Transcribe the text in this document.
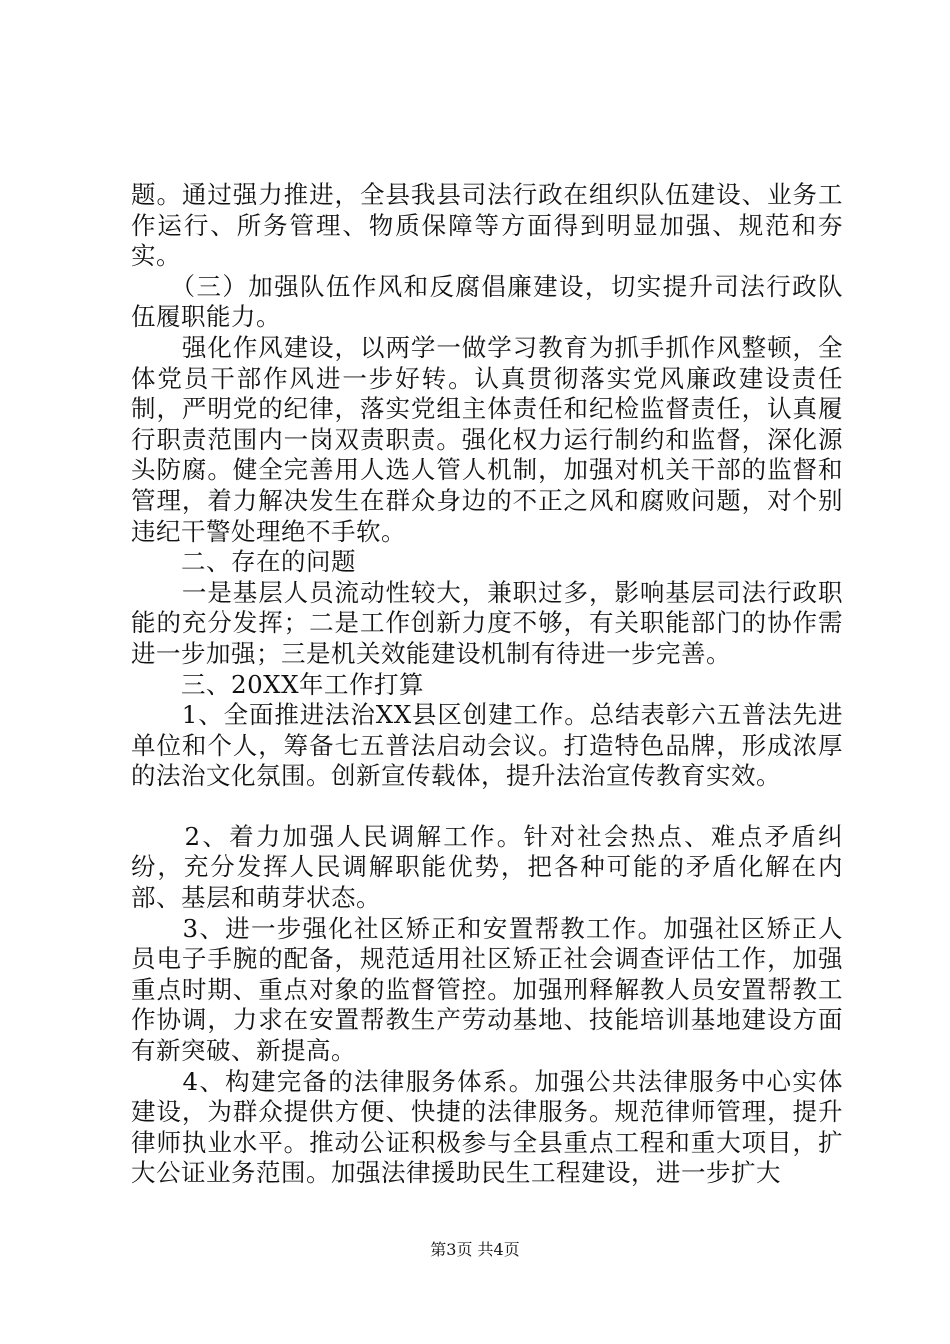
题。通过强力推进，全县我县司法行政在组织队伍建设、业务工作运行、所务管理、物质保障等方面得到明显加强、规范和夯实。

　　（三）加强队伍作风和反腐倡廉建设，切实提升司法行政队伍履职能力。

　　强化作风建设，以两学一做学习教育为抓手抓作风整顿，全体党员干部作风进一步好转。认真贯彻落实党风廉政建设责任制，严明党的纪律，落实党组主体责任和纪检监督责任，认真履行职责范围内一岗双责职责。强化权力运行制约和监督，深化源头防腐。健全完善用人选人管人机制，加强对机关干部的监督和管理，着力解决发生在群众身边的不正之风和腐败问题，对个别违纪干警处理绝不手软。

　　二、存在的问题

　　一是基层人员流动性较大，兼职过多，影响基层司法行政职能的充分发挥；二是工作创新力度不够，有关职能部门的协作需进一步加强；三是机关效能建设机制有待进一步完善。

　　三、20XX年工作打算

　　1、全面推进法治XX县区创建工作。总结表彰六五普法先进单位和个人，筹备七五普法启动会议。打造特色品牌，形成浓厚的法治文化氛围。创新宣传载体，提升法治宣传教育实效。

　　2、着力加强人民调解工作。针对社会热点、难点矛盾纠纷，充分发挥人民调解职能优势，把各种可能的矛盾化解在内部、基层和萌芽状态。

　　3、进一步强化社区矫正和安置帮教工作。加强社区矫正人员电子手腕的配备，规范适用社区矫正社会调查评估工作，加强重点时期、重点对象的监督管控。加强刑释解教人员安置帮教工作协调，力求在安置帮教生产劳动基地、技能培训基地建设方面有新突破、新提高。

　　4、构建完备的法律服务体系。加强公共法律服务中心实体建设，为群众提供方便、快捷的法律服务。规范律师管理，提升律师执业水平。推动公证积极参与全县重点工程和重大项目，扩大公证业务范围。加强法律援助民生工程建设，进一步扩大

第3页 共4页
